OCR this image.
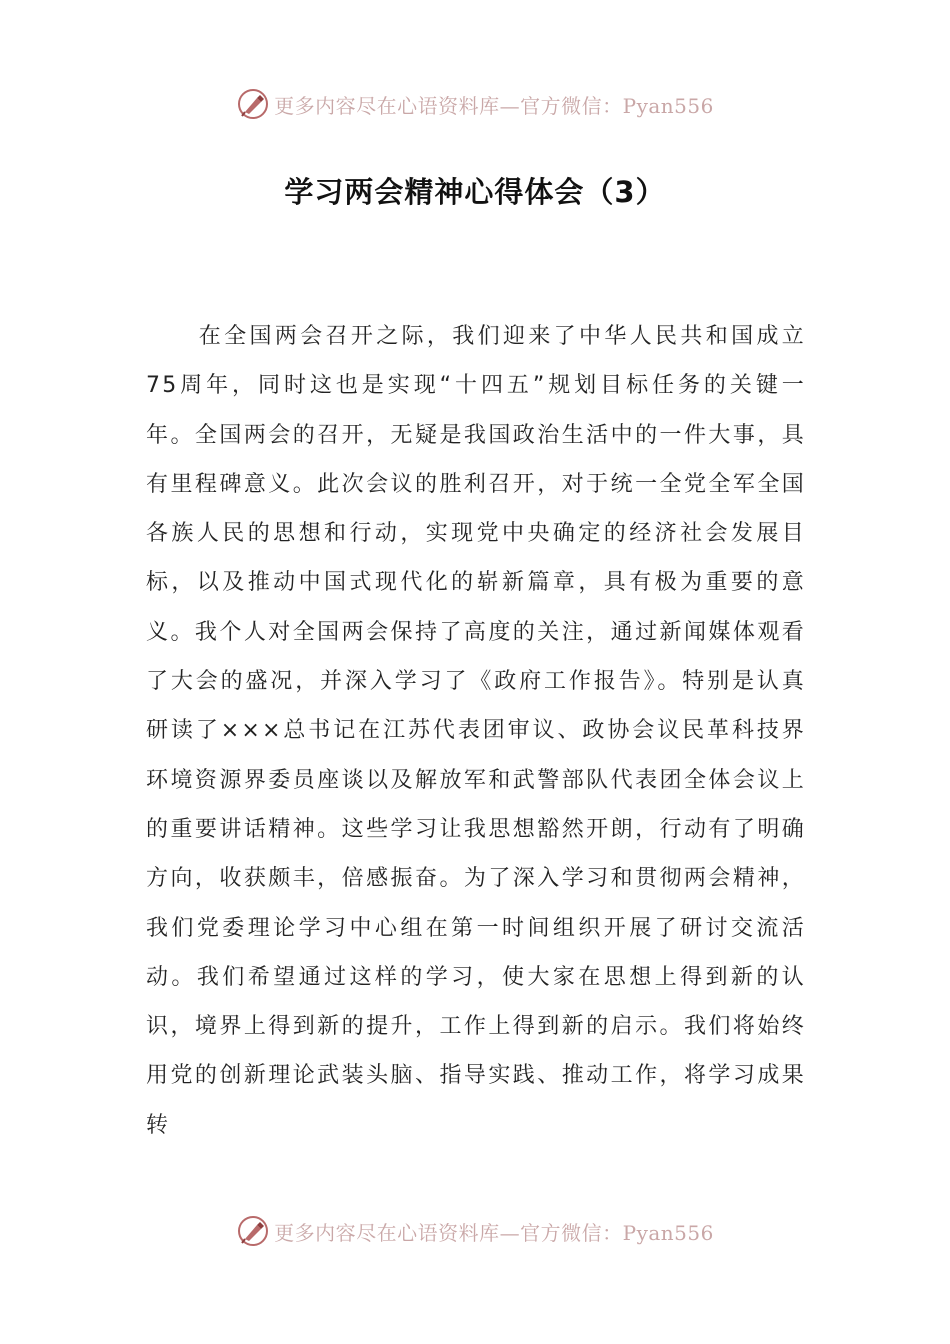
更多内容尽在心语资料库—官方微信：Pyan556
学习两会精神心得体会（3）

在全国两会召开之际，我们迎来了中华人民共和国成立75周年，同时这也是实现“十四五”规划目标任务的关键一年。全国两会的召开，无疑是我国政治生活中的一件大事，具有里程碑意义。此次会议的胜利召开，对于统一全党全军全国各族人民的思想和行动，实现党中央确定的经济社会发展目标，以及推动中国式现代化的崭新篇章，具有极为重要的意义。我个人对全国两会保持了高度的关注，通过新闻媒体观看了大会的盛况，并深入学习了《政府工作报告》。特别是认真研读了×××总书记在江苏代表团审议、政协会议民革科技界环境资源界委员座谈以及解放军和武警部队代表团全体会议上的重要讲话精神。这些学习让我思想豁然开朗，行动有了明确方向，收获颇丰，倍感振奋。为了深入学习和贯彻两会精神，我们党委理论学习中心组在第一时间组织开展了研讨交流活动。我们希望通过这样的学习，使大家在思想上得到新的认识，境界上得到新的提升，工作上得到新的启示。我们将始终用党的创新理论武装头脑、指导实践、推动工作，将学习成果转

更多内容尽在心语资料库—官方微信：Pyan556
